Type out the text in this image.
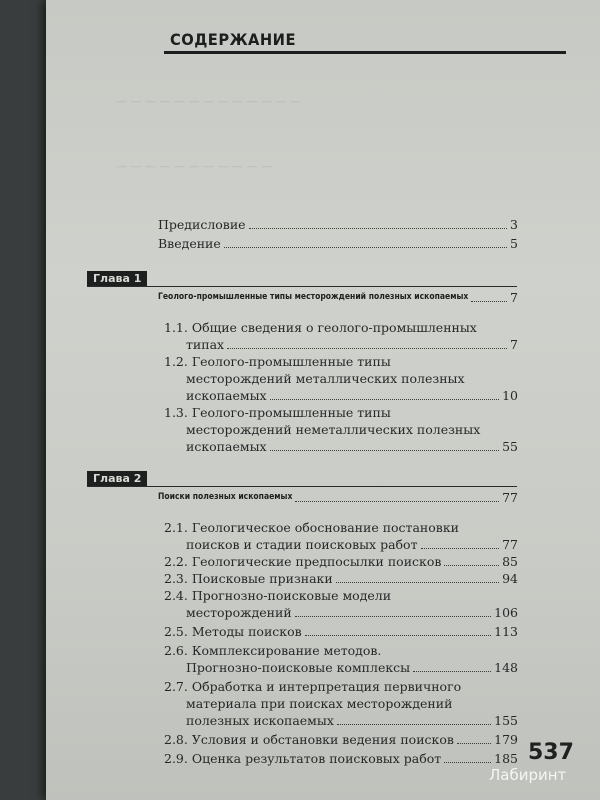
— — — — — — — — — — — — —
— — — — — — — — — — —
СОДЕРЖАНИЕ
Предисловие	3
Введение	5
Глава 1
Геолого-промышленные типы месторождений полезных ископаемых	7
1.1. Общие сведения о геолого-промышленных
типах	7
1.2. Геолого-промышленные типы
месторождений металлических полезных
ископаемых	10
1.3. Геолого-промышленные типы
месторождений неметаллических полезных
ископаемых	55
Глава 2
Поиски полезных ископаемых	77
2.1. Геологическое обоснование постановки
поисков и стадии поисковых работ	77
2.2. Геологические предпосылки поисков	85
2.3. Поисковые признаки	94
2.4. Прогнозно-поисковые модели
месторождений	106
2.5. Методы поисков	113
2.6. Комплексирование методов.
Прогнозно-поисковые комплексы	148
2.7. Обработка и интерпретация первичного
материала при поисках месторождений
полезных ископаемых	155
2.8. Условия и обстановки ведения поисков	179
2.9. Оценка результатов поисковых работ	185 537
Лабиринт
